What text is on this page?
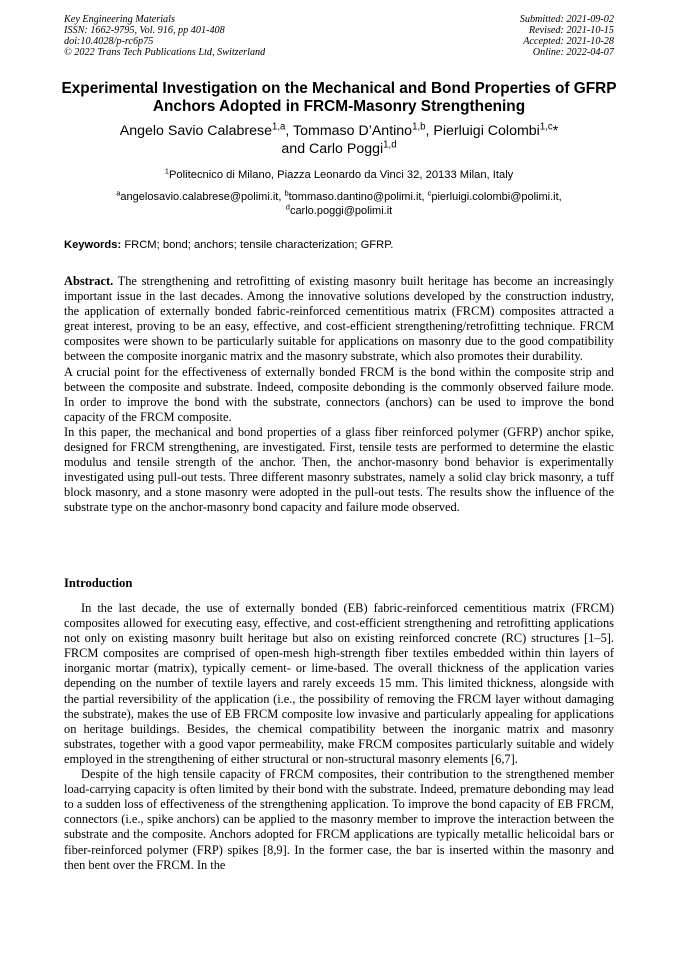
Key Engineering Materials
ISSN: 1662-9795, Vol. 916, pp 401-408
doi:10.4028/p-rc6p75
© 2022 Trans Tech Publications Ltd, Switzerland
Submitted: 2021-09-02
Revised: 2021-10-15
Accepted: 2021-10-28
Online: 2022-04-07
Experimental Investigation on the Mechanical and Bond Properties of GFRP Anchors Adopted in FRCM-Masonry Strengthening
Angelo Savio Calabrese$^{1,a}$, Tommaso D’Antino$^{1,b}$, Pierluigi Colombi$^{1,c}$*
and Carlo Poggi$^{1,d}$
$^1$Politecnico di Milano, Piazza Leonardo da Vinci 32, 20133 Milan, Italy
$^a$angelosavio.calabrese@polimi.it, $^b$tommaso.dantino@polimi.it, $^c$pierluigi.colombi@polimi.it,
$^d$carlo.poggi@polimi.it
Keywords: FRCM; bond; anchors; tensile characterization; GFRP.

Abstract. The strengthening and retrofitting of existing masonry built heritage has become an increasingly important issue in the last decades. Among the innovative solutions developed by the construction industry, the application of externally bonded fabric-reinforced cementitious matrix (FRCM) composites attracted a great interest, proving to be an easy, effective, and cost-efficient strengthening/retrofitting technique. FRCM composites were shown to be particularly suitable for applications on masonry due to the good compatibility between the composite inorganic matrix and the masonry substrate, which also promotes their durability.

A crucial point for the effectiveness of externally bonded FRCM is the bond within the composite strip and between the composite and substrate. Indeed, composite debonding is the commonly observed failure mode. In order to improve the bond with the substrate, connectors (anchors) can be used to improve the bond capacity of the FRCM composite.

In this paper, the mechanical and bond properties of a glass fiber reinforced polymer (GFRP) anchor spike, designed for FRCM strengthening, are investigated. First, tensile tests are performed to determine the elastic modulus and tensile strength of the anchor. Then, the anchor-masonry bond behavior is experimentally investigated using pull-out tests. Three different masonry substrates, namely a solid clay brick masonry, a tuff block masonry, and a stone masonry were adopted in the pull-out tests. The results show the influence of the substrate type on the anchor-masonry bond capacity and failure mode observed.

Introduction

In the last decade, the use of externally bonded (EB) fabric-reinforced cementitious matrix (FRCM) composites allowed for executing easy, effective, and cost-efficient strengthening and retrofitting applications not only on existing masonry built heritage but also on existing reinforced concrete (RC) structures [1–5]. FRCM composites are comprised of open-mesh high-strength fiber textiles embedded within thin layers of inorganic mortar (matrix), typically cement- or lime-based. The overall thickness of the application varies depending on the number of textile layers and rarely exceeds 15 mm. This limited thickness, alongside with the partial reversibility of the application (i.e., the possibility of removing the FRCM layer without damaging the substrate), makes the use of EB FRCM composite low invasive and particularly appealing for applications on heritage buildings. Besides, the chemical compatibility between the inorganic matrix and masonry substrates, together with a good vapor permeability, make FRCM composites particularly suitable and widely employed in the strengthening of either structural or non-structural masonry elements [6,7].

Despite of the high tensile capacity of FRCM composites, their contribution to the strengthened member load-carrying capacity is often limited by their bond with the substrate. Indeed, premature debonding may lead to a sudden loss of effectiveness of the strengthening application. To improve the bond capacity of EB FRCM, connectors (i.e., spike anchors) can be applied to the masonry member to improve the interaction between the substrate and the composite. Anchors adopted for FRCM applications are typically metallic helicoidal bars or fiber-reinforced polymer (FRP) spikes [8,9]. In the former case, the bar is inserted within the masonry and then bent over the FRCM. In the
